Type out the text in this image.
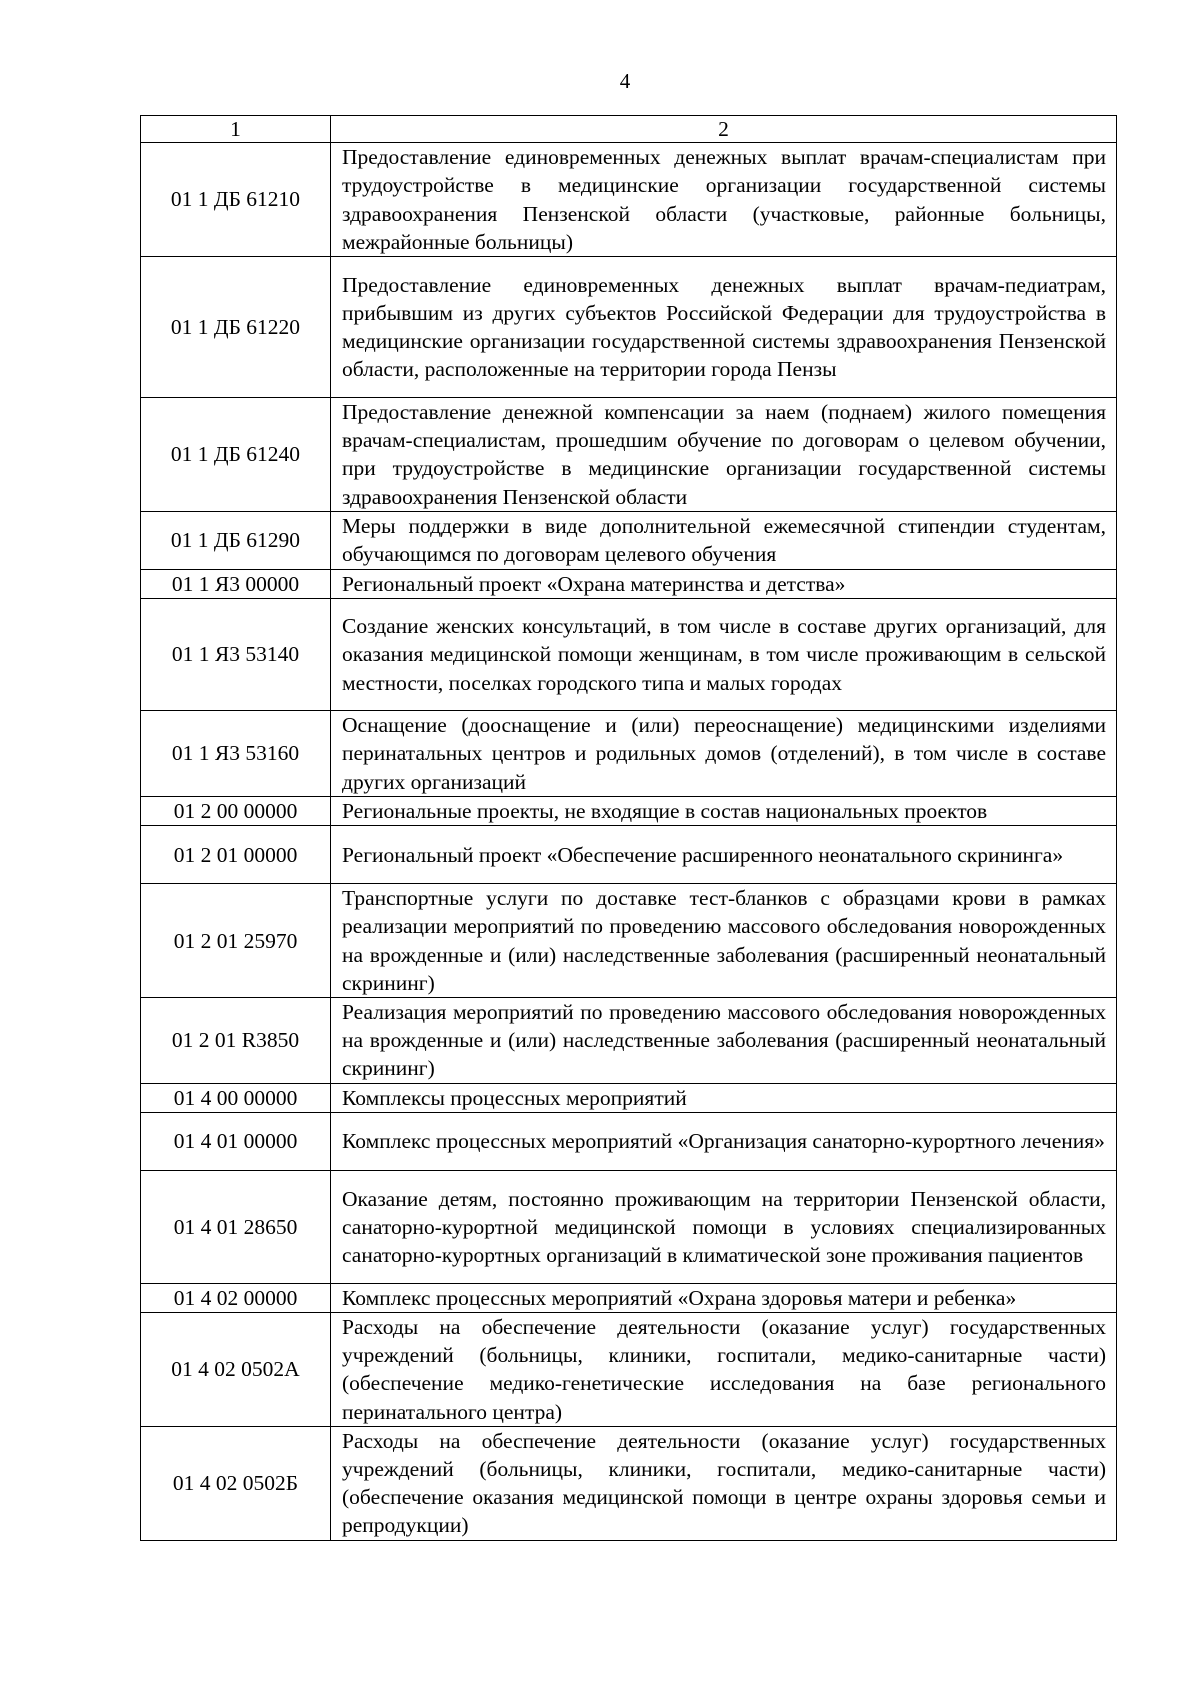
4
1	2
01 1 ДБ 61210	Предоставление единовременных денежных выплат врачам-специалистам при трудоустройстве в медицинские организации государственной системы здравоохранения Пензенской области (участковые, районные больницы, межрайонные больницы)
01 1 ДБ 61220	Предоставление единовременных денежных выплат врачам-педиатрам, прибывшим из других субъектов Российской Федерации для трудоустройства в медицинские организации государственной системы здравоохранения Пензенской области, расположенные на территории города Пензы
01 1 ДБ 61240	Предоставление денежной компенсации за наем (поднаем) жилого помещения врачам-специалистам, прошедшим обучение по договорам о целевом обучении, при трудоустройстве в медицинские организации государственной системы здравоохранения Пензенской области
01 1 ДБ 61290	Меры поддержки в виде дополнительной ежемесячной стипендии студентам, обучающимся по договорам целевого обучения
01 1 Я3 00000	Региональный проект «Охрана материнства и детства»
01 1 Я3 53140	Создание женских консультаций, в том числе в составе других организаций, для оказания медицинской помощи женщинам, в том числе проживающим в сельской местности, поселках городского типа и малых городах
01 1 Я3 53160	Оснащение (дооснащение и (или) переоснащение) медицинскими изделиями перинатальных центров и родильных домов (отделений), в том числе в составе других организаций
01 2 00 00000	Региональные проекты, не входящие в состав национальных проектов
01 2 01 00000	Региональный проект «Обеспечение расширенного неонатального скрининга»
01 2 01 25970	Транспортные услуги по доставке тест-бланков с образцами крови в рамках реализации мероприятий по проведению массового обследования новорожденных на врожденные и (или) наследственные заболевания (расширенный неонатальный скрининг)
01 2 01 R3850	Реализация мероприятий по проведению массового обследования новорожденных на врожденные и (или) наследственные заболевания (расширенный неонатальный скрининг)
01 4 00 00000	Комплексы процессных мероприятий
01 4 01 00000	Комплекс процессных мероприятий «Организация санаторно-курортного лечения»
01 4 01 28650	Оказание детям, постоянно проживающим на территории Пензенской области, санаторно-курортной медицинской помощи в условиях специализированных санаторно-курортных организаций в климатической зоне проживания пациентов
01 4 02 00000	Комплекс процессных мероприятий «Охрана здоровья матери и ребенка»
01 4 02 0502А	Расходы на обеспечение деятельности (оказание услуг) государственных учреждений (больницы, клиники, госпитали, медико-санитарные части) (обеспечение медико-генетические исследования на базе регионального перинатального центра)
01 4 02 0502Б	Расходы на обеспечение деятельности (оказание услуг) государственных учреждений (больницы, клиники, госпитали, медико-санитарные части) (обеспечение оказания медицинской помощи в центре охраны здоровья семьи и репродукции)
